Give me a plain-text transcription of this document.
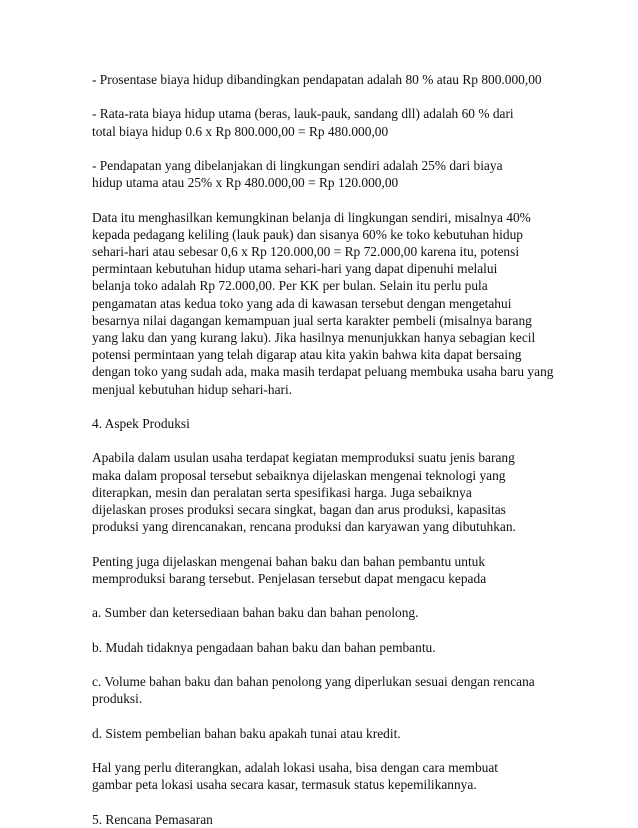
- Prosentase biaya hidup dibandingkan pendapatan adalah 80 % atau Rp 800.000,00

- Rata-rata biaya hidup utama (beras, lauk-pauk, sandang dll) adalah 60 % dari
total biaya hidup 0.6 x Rp 800.000,00 = Rp 480.000,00

- Pendapatan yang dibelanjakan di lingkungan sendiri adalah 25% dari biaya
hidup utama atau 25% x Rp 480.000,00 = Rp 120.000,00

Data itu menghasilkan kemungkinan belanja di lingkungan sendiri, misalnya 40%
kepada pedagang keliling (lauk pauk) dan sisanya 60% ke toko kebutuhan hidup
sehari-hari atau sebesar 0,6 x Rp 120.000,00 = Rp 72.000,00 karena itu, potensi
permintaan kebutuhan hidup utama sehari-hari yang dapat dipenuhi melalui
belanja toko adalah Rp 72.000,00. Per KK per bulan. Selain itu perlu pula
pengamatan atas kedua toko yang ada di kawasan tersebut dengan mengetahui
besarnya nilai dagangan kemampuan jual serta karakter pembeli (misalnya barang
yang laku dan yang kurang laku). Jika hasilnya menunjukkan hanya sebagian kecil
potensi permintaan yang telah digarap atau kita yakin bahwa kita dapat bersaing
dengan toko yang sudah ada, maka masih terdapat peluang membuka usaha baru yang
menjual kebutuhan hidup sehari-hari.

4. Aspek Produksi

Apabila dalam usulan usaha terdapat kegiatan memproduksi suatu jenis barang
maka dalam proposal tersebut sebaiknya dijelaskan mengenai teknologi yang
diterapkan, mesin dan peralatan serta spesifikasi harga. Juga sebaiknya
dijelaskan proses produksi secara singkat, bagan dan arus produksi, kapasitas
produksi yang direncanakan, rencana produksi dan karyawan yang dibutuhkan.

Penting juga dijelaskan mengenai bahan baku dan bahan pembantu untuk
memproduksi barang tersebut. Penjelasan tersebut dapat mengacu kepada

a. Sumber dan ketersediaan bahan baku dan bahan penolong.

b. Mudah tidaknya pengadaan bahan baku dan bahan pembantu.

c. Volume bahan baku dan bahan penolong yang diperlukan sesuai dengan rencana
produksi.

d. Sistem pembelian bahan baku apakah tunai atau kredit.

Hal yang perlu diterangkan, adalah lokasi usaha, bisa dengan cara membuat
gambar peta lokasi usaha secara kasar, termasuk status kepemilikannya.

5. Rencana Pemasaran
